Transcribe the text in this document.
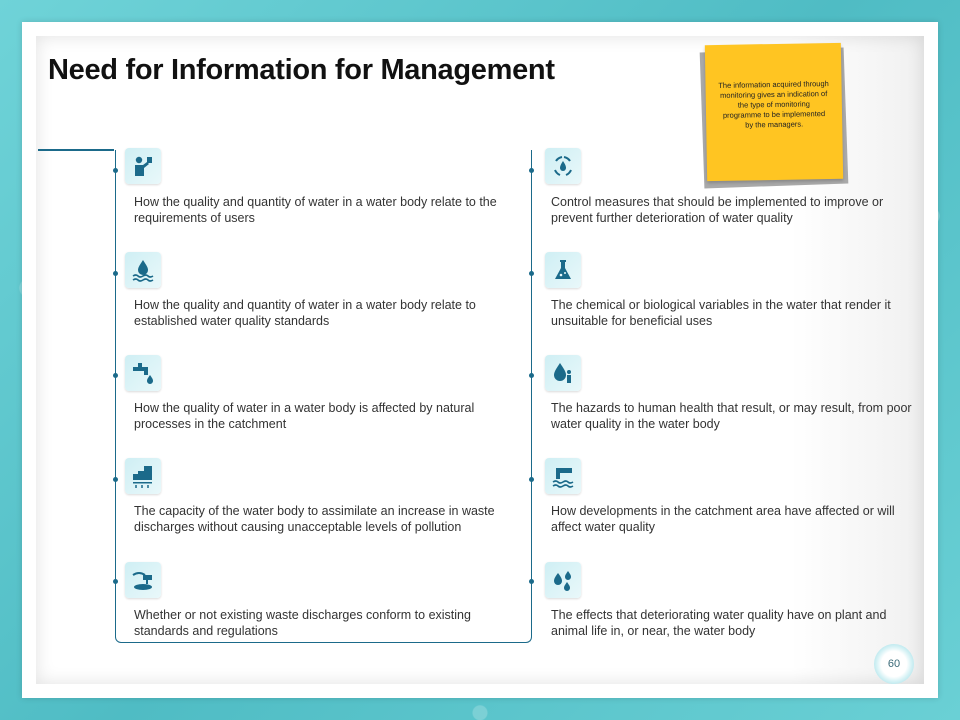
Need for Information for Management	The information acquired through monitoring gives an indication of the type of monitoring programme to be implemented by the managers.
How the quality and quantity of water in a water body relate to the requirements of users
How the quality and quantity of water in a water body relate to established water quality standards
How the quality of water in a water body is affected by natural processes in the catchment
The capacity of the water body to assimilate an increase in waste discharges without causing unacceptable levels of pollution
Whether or not existing waste discharges conform to existing standards and regulations
Control measures that should be implemented to improve or prevent further deterioration of water quality
The chemical or biological variables in the water that render it unsuitable for beneficial uses
The hazards to human health that result, or may result, from poor water quality in the water body
How developments in the catchment area have affected or will affect water quality
The effects that deteriorating water quality have on plant and animal life in, or near, the water body
60
